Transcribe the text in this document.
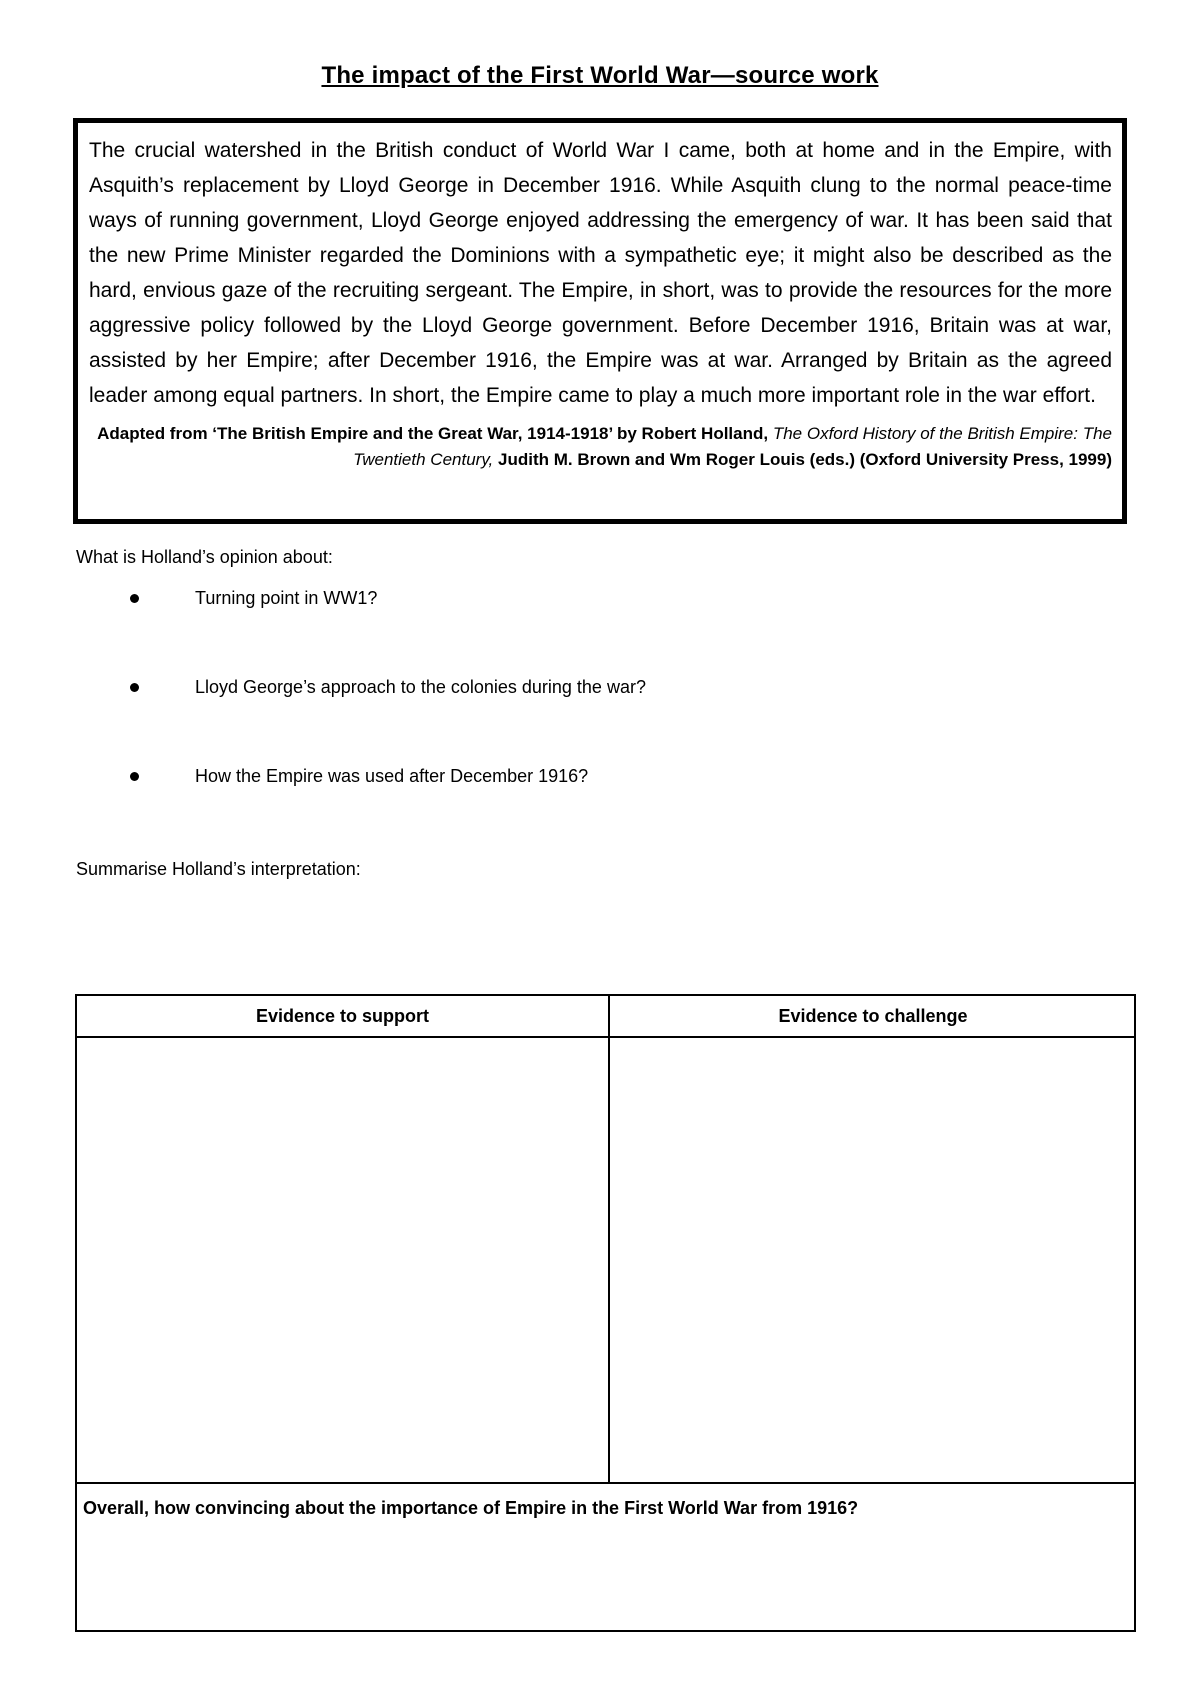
The impact of the First World War—source work

The crucial watershed in the British conduct of World War I came, both at home and in the Empire, with Asquith’s replacement by Lloyd George in December 1916. While Asquith clung to the normal peace-time ways of running government, Lloyd George enjoyed addressing the emergency of war. It has been said that the new Prime Minister regarded the Dominions with a sympathetic eye; it might also be described as the hard, envious gaze of the recruiting sergeant. The Empire, in short, was to provide the resources for the more aggressive policy followed by the Lloyd George government. Before December 1916, Britain was at war, assisted by her Empire; after December 1916, the Empire was at war. Arranged by Britain as the agreed leader among equal partners. In short, the Empire came to play a much more important role in the war effort.

Adapted from ‘The British Empire and the Great War, 1914-1918’ by Robert Holland, The Oxford History of the British Empire: The Twentieth Century, Judith M. Brown and Wm Roger Louis (eds.) (Oxford University Press, 1999)
What is Holland’s opinion about:
Turning point in WW1?
Lloyd George’s approach to the colonies during the war?
How the Empire was used after December 1916?
Summarise Holland’s interpretation:
Evidence to support	Evidence to challenge
Overall, how convincing about the importance of Empire in the First World War from 1916?
